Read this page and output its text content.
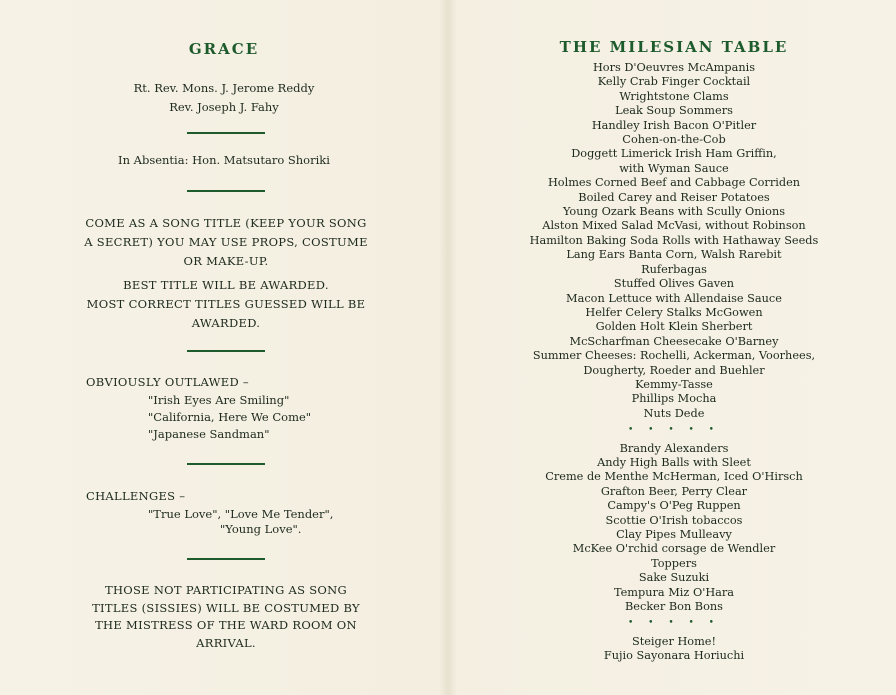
GRACE
Rt. Rev. Mons. J. Jerome Reddy
Rev. Joseph J. Fahy
In Absentia: Hon. Matsutaro Shoriki
COME AS A SONG TITLE (KEEP YOUR SONG
A SECRET) YOU MAY USE PROPS, COSTUME
OR MAKE-UP.
BEST TITLE WILL BE AWARDED.
MOST CORRECT TITLES GUESSED WILL BE
AWARDED.
OBVIOUSLY OUTLAWED –
"Irish Eyes Are Smiling"
"California, Here We Come"
"Japanese Sandman"
CHALLENGES –
"True Love", "Love Me Tender",
"Young Love".
THOSE NOT PARTICIPATING AS SONG
TITLES (SISSIES) WILL BE COSTUMED BY
THE MISTRESS OF THE WARD ROOM ON
ARRIVAL.
THE MILESIAN TABLE
Hors D'Oeuvres McAmpanis
Kelly Crab Finger Cocktail
Wrightstone Clams
Leak Soup Sommers
Handley Irish Bacon O'Pitler
Cohen-on-the-Cob
Doggett Limerick Irish Ham Griffin,
with Wyman Sauce
Holmes Corned Beef and Cabbage Corriden
Boiled Carey and Reiser Potatoes
Young Ozark Beans with Scully Onions
Alston Mixed Salad McVasi, without Robinson
Hamilton Baking Soda Rolls with Hathaway Seeds
Lang Ears Banta Corn, Walsh Rarebit
Ruferbagas
Stuffed Olives Gaven
Macon Lettuce with Allendaise Sauce
Helfer Celery Stalks McGowen
Golden Holt Klein Sherbert
McScharfman Cheesecake O'Barney
Summer Cheeses: Rochelli, Ackerman, Voorhees,
Dougherty, Roeder and Buehler
Kemmy-Tasse
Phillips Mocha
Nuts Dede
• • • • •
Brandy Alexanders
Andy High Balls with Sleet
Creme de Menthe McHerman, Iced O'Hirsch
Grafton Beer, Perry Clear
Campy's O'Peg Ruppen
Scottie O'Irish tobaccos
Clay Pipes Mulleavy
McKee O'rchid corsage de Wendler
Toppers
Sake Suzuki
Tempura Miz O'Hara
Becker Bon Bons
• • • • •
Steiger Home!
Fujio Sayonara Horiuchi
